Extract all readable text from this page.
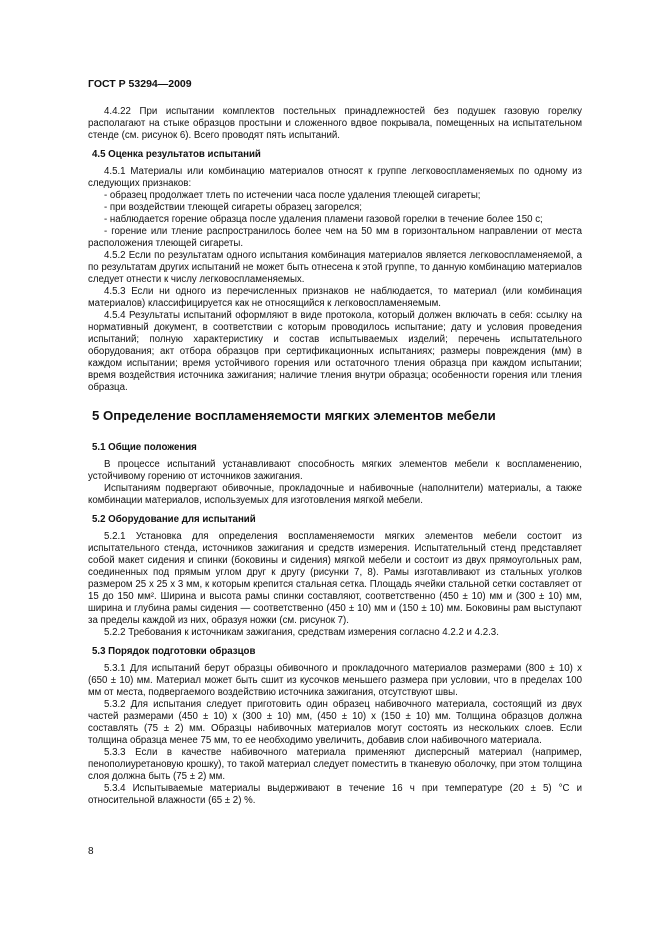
ГОСТ Р 53294—2009

4.4.22 При испытании комплектов постельных принадлежностей без подушек газовую горелку располагают на стыке образцов простыни и сложенного вдвое покрывала, помещенных на испытательном стенде (см. рисунок 6). Всего проводят пять испытаний.

4.5 Оценка результатов испытаний

4.5.1 Материалы или комбинацию материалов относят к группе легковоспламеняемых по одному из следующих признаков:

- образец продолжает тлеть по истечении часа после удаления тлеющей сигареты;

- при воздействии тлеющей сигареты образец загорелся;

- наблюдается горение образца после удаления пламени газовой горелки в течение более 150 с;

- горение или тление распространилось более чем на 50 мм в горизонтальном направлении от места расположения тлеющей сигареты.

4.5.2 Если по результатам одного испытания комбинация материалов является легковоспламеняемой, а по результатам других испытаний не может быть отнесена к этой группе, то данную комбинацию материалов следует отнести к числу легковоспламеняемых.

4.5.3 Если ни одного из перечисленных признаков не наблюдается, то материал (или комбинация материалов) классифицируется как не относящийся к легковоспламеняемым.

4.5.4 Результаты испытаний оформляют в виде протокола, который должен включать в себя: ссылку на нормативный документ, в соответствии с которым проводилось испытание; дату и условия проведения испытаний; полную характеристику и состав испытываемых изделий; перечень испытательного оборудования; акт отбора образцов при сертификационных испытаниях; размеры повреждения (мм) в каждом испытании; время устойчивого горения или остаточного тления образца при каждом испытании; время воздействия источника зажигания; наличие тления внутри образца; особенности горения или тления образца.

5 Определение воспламеняемости мягких элементов мебели

5.1 Общие положения

В процессе испытаний устанавливают способность мягких элементов мебели к воспламенению, устойчивому горению от источников зажигания.

Испытаниям подвергают обивочные, прокладочные и набивочные (наполнители) материалы, а также комбинации материалов, используемых для изготовления мягкой мебели.

5.2 Оборудование для испытаний

5.2.1 Установка для определения воспламеняемости мягких элементов мебели состоит из испытательного стенда, источников зажигания и средств измерения. Испытательный стенд представляет собой макет сидения и спинки (боковины и сидения) мягкой мебели и состоит из двух прямоугольных рам, соединенных под прямым углом друг к другу (рисунки 7, 8). Рамы изготавливают из стальных уголков размером 25 x 25 x 3 мм, к которым крепится стальная сетка. Площадь ячейки стальной сетки составляет от 15 до 150 мм². Ширина и высота рамы спинки составляют, соответственно (450 ± 10) мм и (300 ± 10) мм, ширина и глубина рамы сидения — соответственно (450 ± 10) мм и (150 ± 10) мм. Боковины рам выступают за пределы каждой из них, образуя ножки (см. рисунок 7).

5.2.2 Требования к источникам зажигания, средствам измерения согласно 4.2.2 и 4.2.3.

5.3 Порядок подготовки образцов

5.3.1 Для испытаний берут образцы обивочного и прокладочного материалов размерами (800 ± 10) x (650 ± 10) мм. Материал может быть сшит из кусочков меньшего размера при условии, что в пределах 100 мм от места, подвергаемого воздействию источника зажигания, отсутствуют швы.

5.3.2 Для испытания следует приготовить один образец набивочного материала, состоящий из двух частей размерами (450 ± 10) x (300 ± 10) мм, (450 ± 10) x (150 ± 10) мм. Толщина образцов должна составлять (75 ± 2) мм. Образцы набивочных материалов могут состоять из нескольких слоев. Если толщина образца менее 75 мм, то ее необходимо увеличить, добавив слои набивочного материала.

5.3.3 Если в качестве набивочного материала применяют дисперсный материал (например, пенополиуретановую крошку), то такой материал следует поместить в тканевую оболочку, при этом толщина слоя должна быть (75 ± 2) мм.

5.3.4 Испытываемые материалы выдерживают в течение 16 ч при температуре (20 ± 5) °С и относительной влажности (65 ± 2) %.

8
